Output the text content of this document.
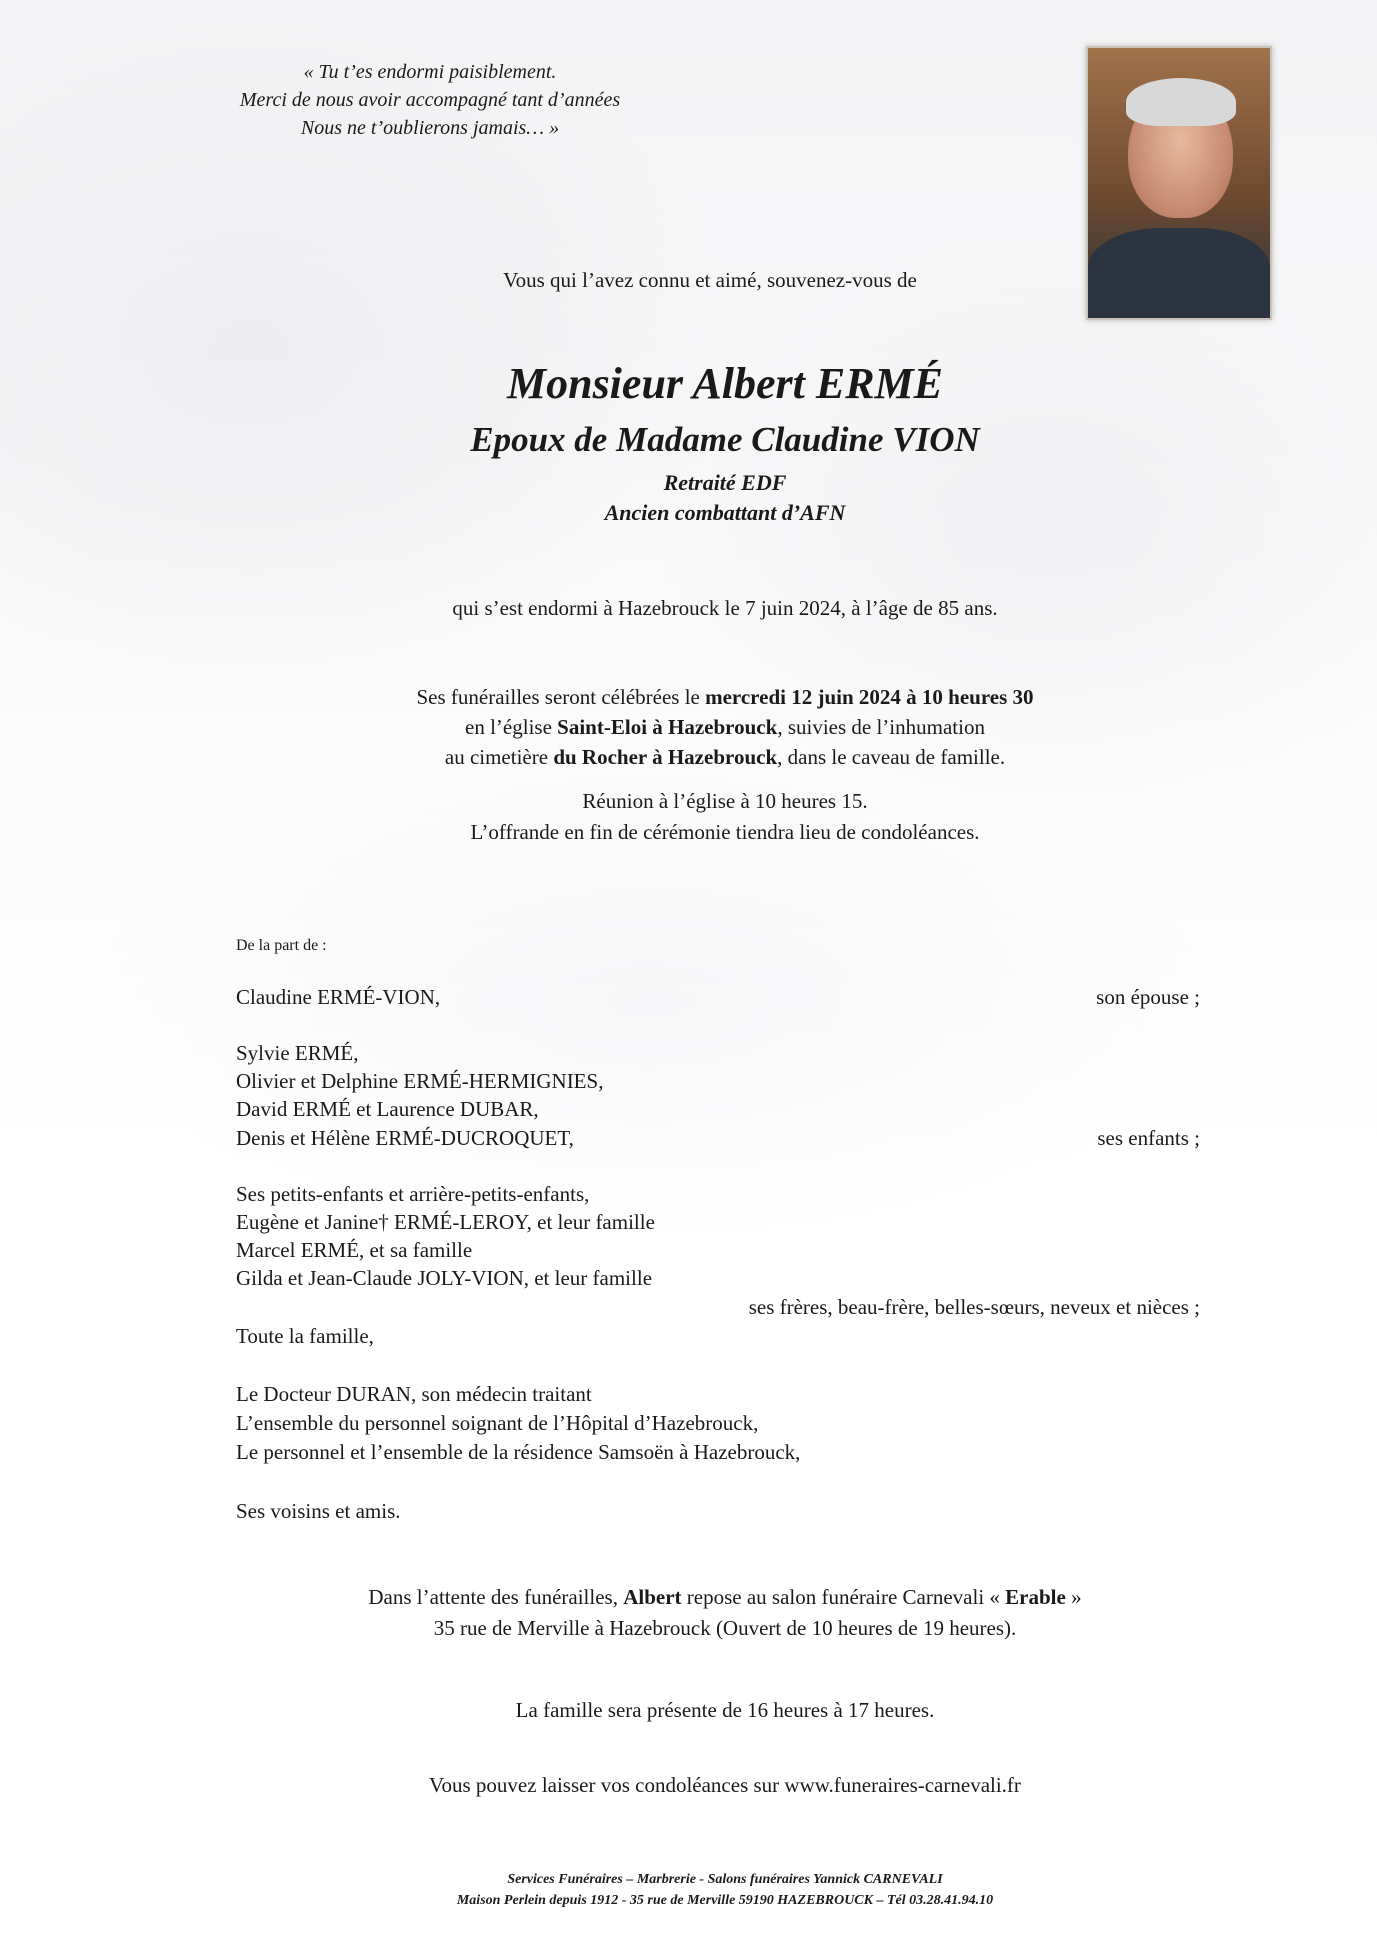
« Tu t’es endormi paisiblement.
Merci de nous avoir accompagné tant d’années
Nous ne t’oublierons jamais… »
Vous qui l’avez connu et aimé, souvenez-vous de
Monsieur Albert ERMÉ
Epoux de Madame Claudine VION
Retraité EDF
Ancien combattant d’AFN
qui s’est endormi à Hazebrouck le 7 juin 2024, à l’âge de 85 ans.
Ses funérailles seront célébrées le mercredi 12 juin 2024 à 10 heures 30
en l’église Saint-Eloi à Hazebrouck, suivies de l’inhumation
au cimetière du Rocher à Hazebrouck, dans le caveau de famille.
Réunion à l’église à 10 heures 15.
L’offrande en fin de cérémonie tiendra lieu de condoléances.
De la part de :
Claudine ERMÉ-VION,	son épouse ;
Sylvie ERMÉ,
Olivier et Delphine ERMÉ-HERMIGNIES,
David ERMÉ et Laurence DUBAR,
Denis et Hélène ERMÉ-DUCROQUET,	ses enfants ;
Ses petits-enfants et arrière-petits-enfants,
Eugène et Janine† ERMÉ-LEROY, et leur famille
Marcel ERMÉ, et sa famille
Gilda et Jean-Claude JOLY-VION, et leur famille
ses frères, beau-frère, belles-sœurs, neveux et nièces ;
Toute la famille,
Le Docteur DURAN, son médecin traitant
L’ensemble du personnel soignant de l’Hôpital d’Hazebrouck,
Le personnel et l’ensemble de la résidence Samsoën à Hazebrouck,
Ses voisins et amis.
Dans l’attente des funérailles, Albert repose au salon funéraire Carnevali « Erable »
35 rue de Merville à Hazebrouck (Ouvert de 10 heures de 19 heures).
La famille sera présente de 16 heures à 17 heures.
Vous pouvez laisser vos condoléances sur www.funeraires-carnevali.fr
Services Funéraires – Marbrerie - Salons funéraires Yannick CARNEVALI
Maison Perlein depuis 1912 - 35 rue de Merville 59190 HAZEBROUCK – Tél 03.28.41.94.10
